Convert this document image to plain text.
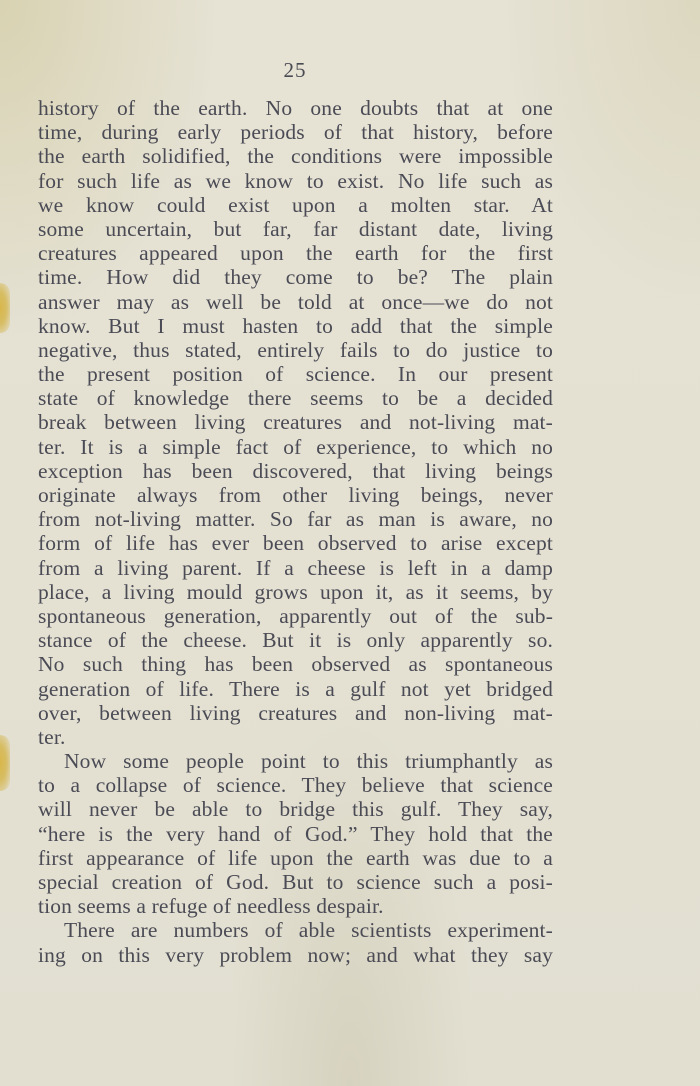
25
history of the earth. No one doubts that at one
time, during early periods of that history, before
the earth solidified, the conditions were impossible
for such life as we know to exist. No life such as
we know could exist upon a molten star. At
some uncertain, but far, far distant date, living
creatures appeared upon the earth for the first
time. How did they come to be? The plain
answer may as well be told at once—we do not
know. But I must hasten to add that the simple
negative, thus stated, entirely fails to do justice to
the present position of science. In our present
state of knowledge there seems to be a decided
break between living creatures and not-living mat-
ter. It is a simple fact of experience, to which no
exception has been discovered, that living beings
originate always from other living beings, never
from not-living matter. So far as man is aware, no
form of life has ever been observed to arise except
from a living parent. If a cheese is left in a damp
place, a living mould grows upon it, as it seems, by
spontaneous generation, apparently out of the sub-
stance of the cheese. But it is only apparently so.
No such thing has been observed as spontaneous
generation of life. There is a gulf not yet bridged
over, between living creatures and non-living mat-
ter.
Now some people point to this triumphantly as
to a collapse of science. They believe that science
will never be able to bridge this gulf. They say,
“here is the very hand of God.” They hold that the
first appearance of life upon the earth was due to a
special creation of God. But to science such a posi-
tion seems a refuge of needless despair.
There are numbers of able scientists experiment-
ing on this very problem now; and what they say
